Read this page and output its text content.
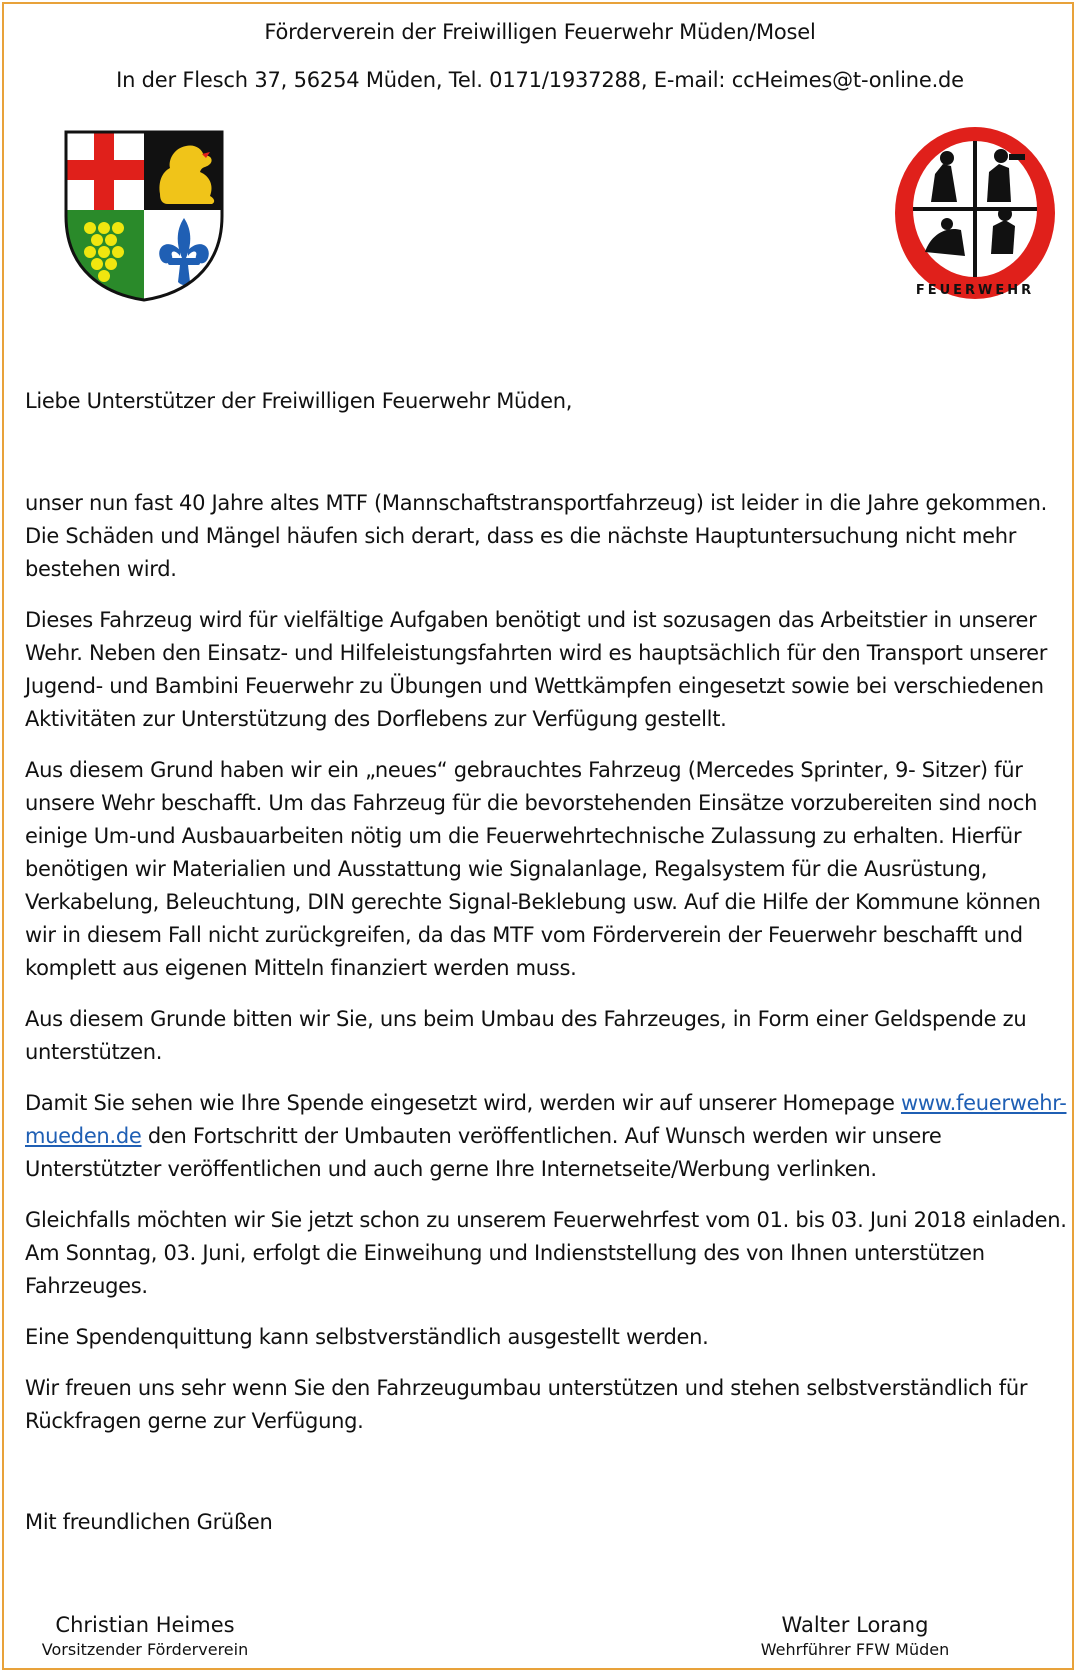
Förderverein der Freiwilligen Feuerwehr Müden/Mosel
In der Flesch 37, 56254 Müden, Tel. 0171/1937288, E-mail: ccHeimes@t-online.de
FEUERWEHR
Liebe Unterstützer der Freiwilligen Feuerwehr Müden,

unser nun fast 40 Jahre altes MTF (Mannschaftstransportfahrzeug) ist leider in die Jahre gekommen. Die Schäden und Mängel häufen sich derart, dass es die nächste Hauptuntersuchung nicht mehr bestehen wird.

Dieses Fahrzeug wird für vielfältige Aufgaben benötigt und ist sozusagen das Arbeitstier in unserer Wehr. Neben den Einsatz- und Hilfeleistungsfahrten wird es hauptsächlich für den Transport unserer Jugend- und Bambini Feuerwehr zu Übungen und Wettkämpfen eingesetzt sowie bei verschiedenen Aktivitäten zur Unterstützung des Dorflebens zur Verfügung gestellt.

Aus diesem Grund haben wir ein „neues“ gebrauchtes Fahrzeug (Mercedes Sprinter, 9- Sitzer) für unsere Wehr beschafft. Um das Fahrzeug für die bevorstehenden Einsätze vorzubereiten sind noch einige Um-und Ausbauarbeiten nötig um die Feuerwehrtechnische Zulassung zu erhalten. Hierfür benötigen wir Materialien und Ausstattung wie Signalanlage, Regalsystem für die Ausrüstung, Verkabelung, Beleuchtung, DIN gerechte Signal-Beklebung usw. Auf die Hilfe der Kommune können wir in diesem Fall nicht zurückgreifen, da das MTF vom Förderverein der Feuerwehr beschafft und komplett aus eigenen Mitteln finanziert werden muss.

Aus diesem Grunde bitten wir Sie, uns beim Umbau des Fahrzeuges, in Form einer Geldspende zu unterstützen.

Damit Sie sehen wie Ihre Spende eingesetzt wird, werden wir auf unserer Homepage www.feuerwehr-mueden.de den Fortschritt der Umbauten veröffentlichen. Auf Wunsch werden wir unsere Unterstützter veröffentlichen und auch gerne Ihre Internetseite/Werbung verlinken.

Gleichfalls möchten wir Sie jetzt schon zu unserem Feuerwehrfest vom 01. bis 03. Juni 2018 einladen. Am Sonntag, 03. Juni, erfolgt die Einweihung und Indienststellung des von Ihnen unterstützen Fahrzeuges.

Eine Spendenquittung kann selbstverständlich ausgestellt werden.

Wir freuen uns sehr wenn Sie den Fahrzeugumbau unterstützen und stehen selbstverständlich für Rückfragen gerne zur Verfügung.

Mit freundlichen Grüßen
Christian Heimes
Vorsitzender Förderverein
Walter Lorang
Wehrführer FFW Müden
